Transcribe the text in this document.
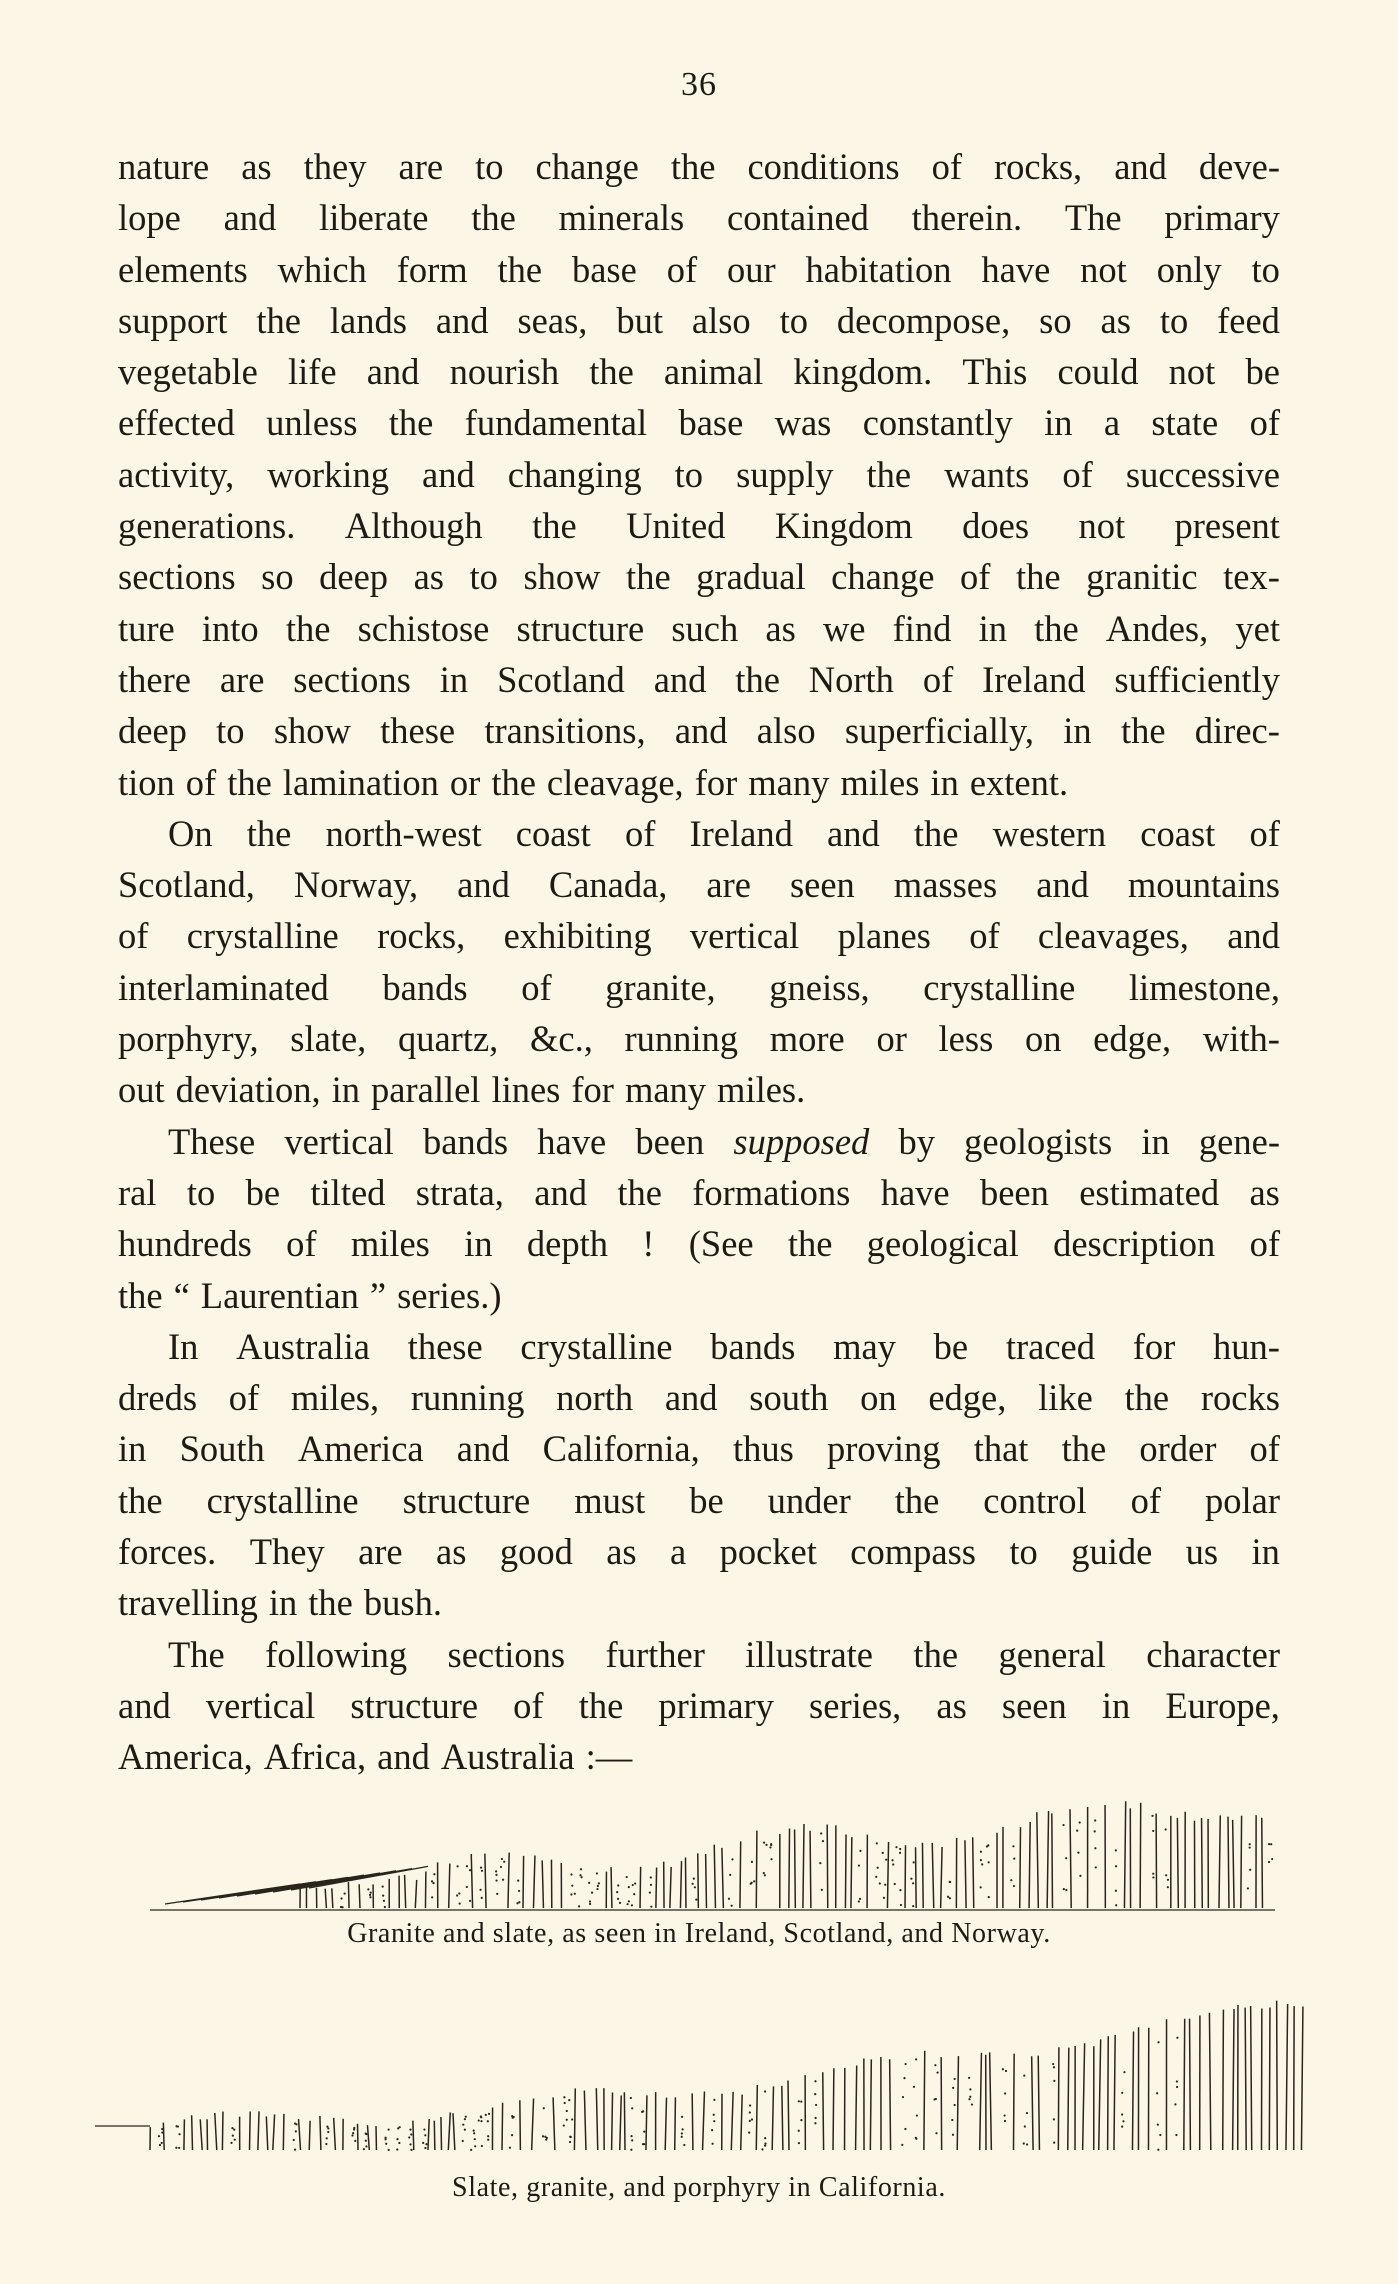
36
nature as they are to change the conditions of rocks, and deve-
lope and liberate the minerals contained therein. The primary
elements which form the base of our habitation have not only to
support the lands and seas, but also to decompose, so as to feed
vegetable life and nourish the animal kingdom. This could not be
effected unless the fundamental base was constantly in a state of
activity, working and changing to supply the wants of successive
generations. Although the United Kingdom does not present
sections so deep as to show the gradual change of the granitic tex-
ture into the schistose structure such as we find in the Andes, yet
there are sections in Scotland and the North of Ireland sufficiently
deep to show these transitions, and also superficially, in the direc-
tion of the lamination or the cleavage, for many miles in extent.
On the north-west coast of Ireland and the western coast of
Scotland, Norway, and Canada, are seen masses and mountains
of crystalline rocks, exhibiting vertical planes of cleavages, and
interlaminated bands of granite, gneiss, crystalline limestone,
porphyry, slate, quartz, &c., running more or less on edge, with-
out deviation, in parallel lines for many miles.
These vertical bands have been supposed by geologists in gene-
ral to be tilted strata, and the formations have been estimated as
hundreds of miles in depth ! (See the geological description of
the “ Laurentian ” series.)
In Australia these crystalline bands may be traced for hun-
dreds of miles, running north and south on edge, like the rocks
in South America and California, thus proving that the order of
the crystalline structure must be under the control of polar
forces. They are as good as a pocket compass to guide us in
travelling in the bush.
The following sections further illustrate the general character
and vertical structure of the primary series, as seen in Europe,
America, Africa, and Australia :—
Granite and slate, as seen in Ireland, Scotland, and Norway.
Slate, granite, and porphyry in California.
